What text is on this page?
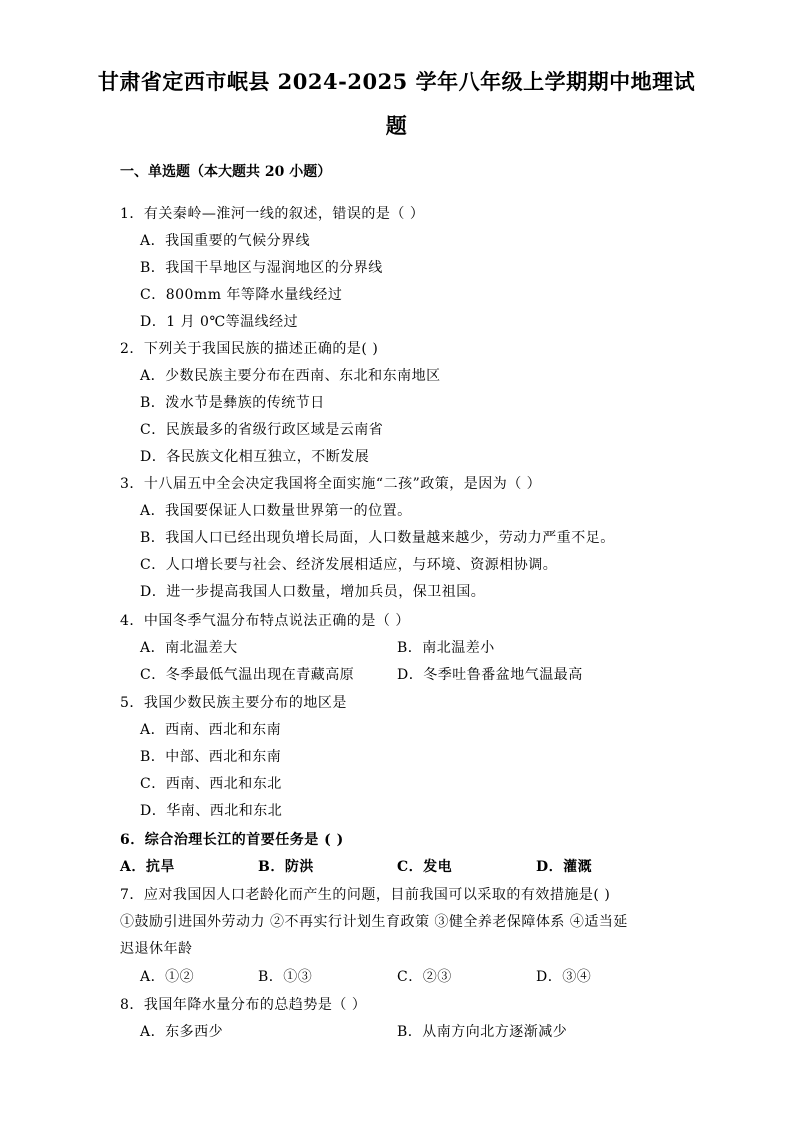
甘肃省定西市岷县 2024-2025 学年八年级上学期期中地理试
题
一、单选题（本大题共 20 小题）
1．有关秦岭—淮河一线的叙述，错误的是（ ）
A．我国重要的气候分界线
B．我国干旱地区与湿润地区的分界线
C．800mm 年等降水量线经过
D．1 月 0℃等温线经过
2．下列关于我国民族的描述正确的是( )
A．少数民族主要分布在西南、东北和东南地区
B．泼水节是彝族的传统节日
C．民族最多的省级行政区域是云南省
D．各民族文化相互独立，不断发展
3．十八届五中全会决定我国将全面实施“二孩”政策，是因为（ ）
A．我国要保证人口数量世界第一的位置。
B．我国人口已经出现负增长局面，人口数量越来越少，劳动力严重不足。
C．人口增长要与社会、经济发展相适应，与环境、资源相协调。
D．进一步提高我国人口数量，增加兵员，保卫祖国。
4．中国冬季气温分布特点说法正确的是（ ）
A．南北温差大	B．南北温差小
C．冬季最低气温出现在青藏高原	D．冬季吐鲁番盆地气温最高
5．我国少数民族主要分布的地区是
A．西南、西北和东南
B．中部、西北和东南
C．西南、西北和东北
D．华南、西北和东北
6．综合治理长江的首要任务是 ( )
A．抗旱	B．防洪	C．发电	D．灌溉
7．应对我国因人口老龄化而产生的问题，目前我国可以采取的有效措施是( )
①鼓励引进国外劳动力 ②不再实行计划生育政策 ③健全养老保障体系 ④适当延
迟退休年龄
A．①②	B．①③	C．②③	D．③④
8．我国年降水量分布的总趋势是（ ）
A．东多西少	B．从南方向北方逐渐减少
